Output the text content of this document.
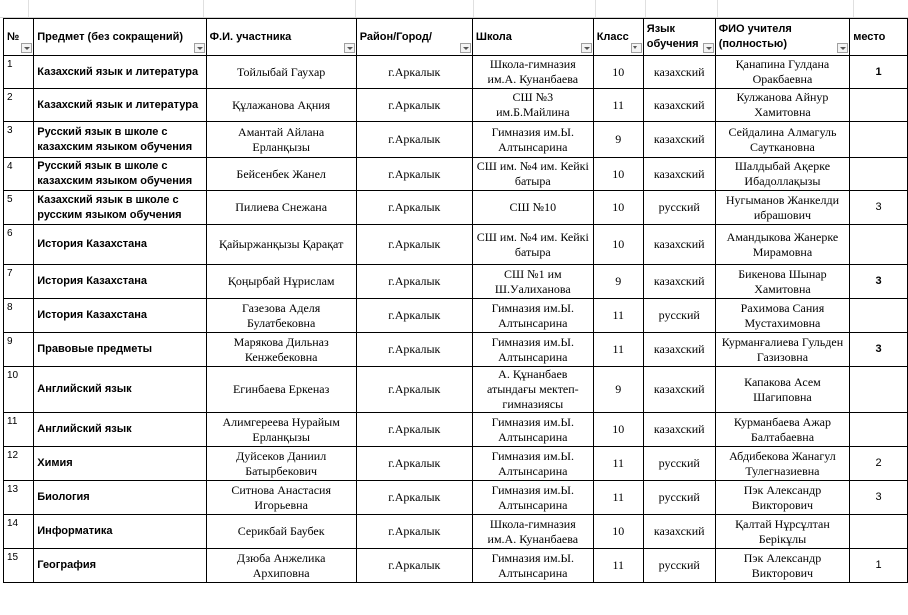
№	Предмет (без сокращений)	Ф.И. участника	Район/Город/	Школа	Класс	Язык обучения	ФИО учителя (полностью)	место
1	Казахский язык и литература	Тойлыбай Гаухар	г.Аркалык	Школа-гимназия им.А. Кунанбаева	10	казахский	Қанапина Гулдана Оракбаевна	1
2	Казахский язык и литература	Құлажанова Ақния	г.Аркалык	СШ №3 им.Б.Майлина	11	казахский	Кулжанова Айнур Хамитовна	
3	Русский язык в школе с казахским языком обучения	Амантай Айлана Ерланқызы	г.Аркалык	Гимназия им.Ы. Алтынсарина	9	казахский	Сейдалина Алмагуль Сауткановна	
4	Русский язык в школе с казахским языком обучения	Бейсенбек Жанел	г.Аркалык	СШ им. №4 им. Кейкі батыра	10	казахский	Шалдыбай Ақерке Ибадоллақызы	
5	Казахский язык в школе с русским языком обучения	Пилиева Снежана	г.Аркалык	СШ №10	10	русский	Нугыманов Жанкелди ибрашович	3
6	История Казахстана	Қайыржанқызы Қарақат	г.Аркалык	СШ им. №4 им. Кейкі батыра	10	казахский	Амандыкова Жанерке Мирамовна	
7	История Казахстана	Қоңырбай Нұрислам	г.Аркалык	СШ №1 им Ш.Уалиханова	9	казахский	Бикенова Шынар Хамитовна	3
8	История Казахстана	Газезова Аделя Булатбековна	г.Аркалык	Гимназия им.Ы. Алтынсарина	11	русский	Рахимова Сания Мустахимовна	
9	Правовые предметы	Марякова Дильназ Кенжебековна	г.Аркалык	Гимназия им.Ы. Алтынсарина	11	казахский	Курманғалиева Гульден Газизовна	3
10	Английский язык	Егинбаева Еркеназ	г.Аркалык	А. Құнанбаев атындағы мектеп-гимназиясы	9	казахский	Капакова Асем Шагиповна	
11	Английский язык	Алимгереева Нурайым Ерланқызы	г.Аркалык	Гимназия им.Ы. Алтынсарина	10	казахский	Курманбаева Ажар Балтабаевна	
12	Химия	Дуйсеков Даниил Батырбекович	г.Аркалык	Гимназия им.Ы. Алтынсарина	11	русский	Абдибекова Жанагул Тулегназиевна	2
13	Биология	Ситнова Анастасия Игорьевна	г.Аркалык	Гимназия им.Ы. Алтынсарина	11	русский	Пэк Александр Викторович	3
14	Информатика	Серикбай Баубек	г.Аркалык	Школа-гимназия им.А. Кунанбаева	10	казахский	Қалтай Нұрсұлтан Берікұлы	
15	География	Дзюба Анжелика Архиповна	г.Аркалык	Гимназия им.Ы. Алтынсарина	11	русский	Пэк Александр Викторович	1
